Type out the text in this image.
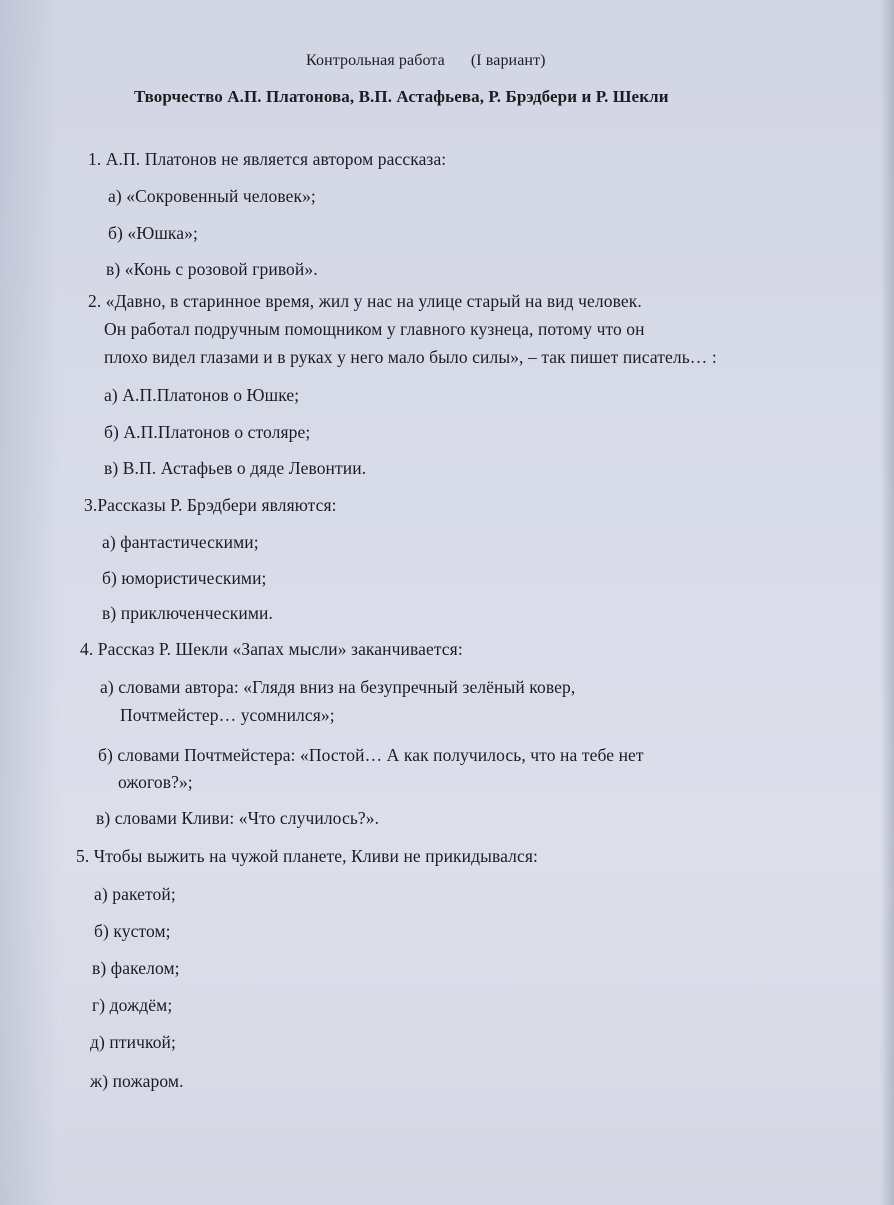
Контрольная работа (I вариант)
Творчество А.П. Платонова, В.П. Астафьева, Р. Брэдбери и Р. Шекли
1. А.П. Платонов не является автором рассказа:
а) «Сокровенный человек»;
б) «Юшка»;
в) «Конь с розовой гривой».
2. «Давно, в старинное время, жил у нас на улице старый на вид человек.
Он работал подручным помощником у главного кузнеца, потому что он
плохо видел глазами и в руках у него мало было силы», – так пишет писатель… :
а) А.П.Платонов о Юшке;
б) А.П.Платонов о столяре;
в) В.П. Астафьев о дяде Левонтии.
3.Рассказы Р. Брэдбери являются:
а) фантастическими;
б) юмористическими;
в) приключенческими.
4. Рассказ Р. Шекли «Запах мысли» заканчивается:
а) словами автора: «Глядя вниз на безупречный зелёный ковер,
Почтмейстер… усомнился»;
б) словами Почтмейстера: «Постой… А как получилось, что на тебе нет
ожогов?»;
в) словами Кливи: «Что случилось?».
5. Чтобы выжить на чужой планете, Кливи не прикидывался:
а) ракетой;
б) кустом;
в) факелом;
г) дождём;
д) птичкой;
ж) пожаром.
